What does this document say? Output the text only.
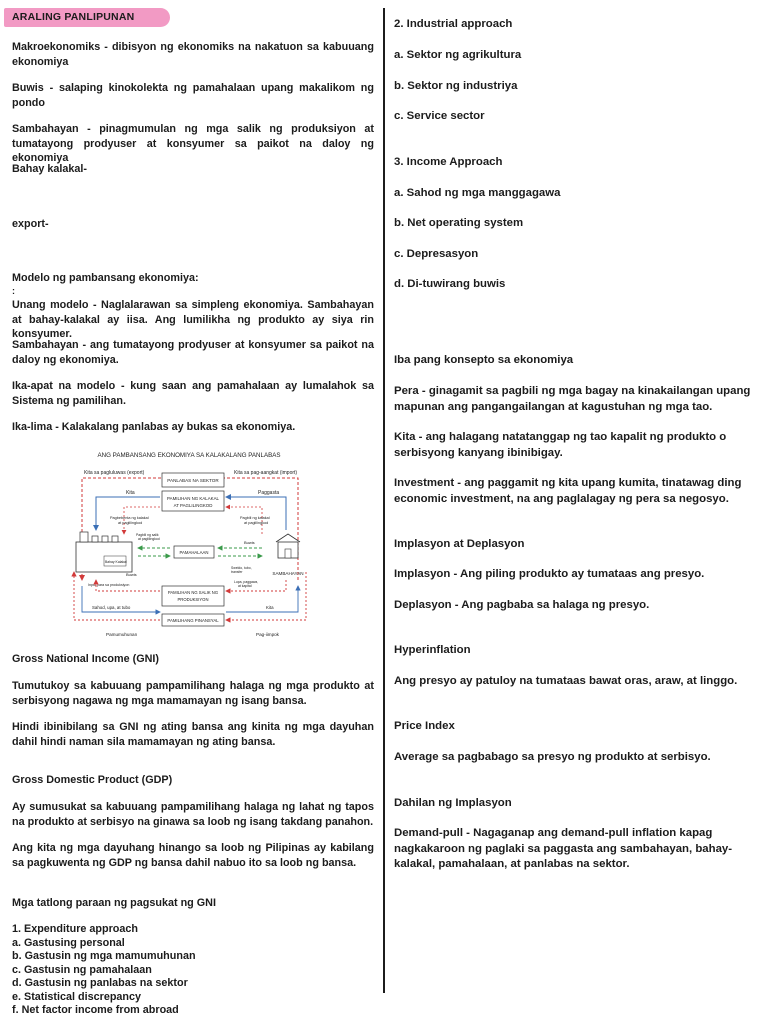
ARALING PANLIPUNAN

Makroekonomiks - dibisyon ng ekonomiks na nakatuon sa kabuuang ekonomiya

Buwis - salaping kinokolekta ng pamahalaan upang makalikom ng pondo

Sambahayan - pinagmumulan ng mga salik ng produksiyon at tumatayong prodyuser at konsyumer sa paikot na daloy ng ekonomiya

Bahay kalakal-

export-

Modelo ng pambansang ekonomiya:

:

Unang modelo - Naglalarawan sa simpleng ekonomiya. Sambahayan at bahay-kalakal ay iisa. Ang lumilikha ng produkto ay siya rin konsyumer.

Sambahayan - ang tumatayong prodyuser at konsyumer sa paikot na daloy ng ekonomiya.

Ika-apat na modelo - kung saan ang pamahalaan ay lumalahok sa Sistema ng pamilihan.

Ika-lima - Kalakalang panlabas ay bukas sa ekonomiya.

Gross National Income (GNI)

Tumutukoy sa kabuuang pampamilihang halaga ng mga produkto at serbisyong nagawa ng mga mamamayan ng isang bansa.

Hindi ibinibilang sa GNI ng ating bansa ang kinita ng mga dayuhan dahil hindi naman sila mamamayan ng ating bansa.

Gross Domestic Product (GDP)

Ay sumusukat sa kabuuang pampamilihang halaga ng lahat ng tapos na produkto at serbisyo na ginawa sa loob ng isang takdang panahon.

Ang kita ng mga dayuhang hinango sa loob ng Pilipinas ay kabilang sa pagkuwenta ng GDP ng bansa dahil nabuo ito sa loob ng bansa.

Mga tatlong paraan ng pagsukat ng GNI

1. Expenditure approach

a. Gastusing personal

b. Gastusin ng mga mamumuhunan

c. Gastusin ng pamahalaan

d. Gastusin ng panlabas na sektor

e. Statistical discrepancy

f. Net factor income from abroad

ANG PAMBANSANG EKONOMIYA SA KALAKALANG PANLABAS
Kita sa pagluluwas (export)	Kita sa pag-aangkat (import)
PANLABAS NA SEKTOR
Kita	Paggasta
PAMILIHAN NG KALAKAL
AT PAGLILINGKOD
Pagbebenta ng kalakal
at paglilingkod
Pagbili ng kalakal
at paglilingkod
Pagbili ng salik
at paglilingkod
Bahay Kalakal
PAMAHALAAN
Buwis
Buwis
Sweldo, tubo,
transfer	SAMBAHAYAN
Lupa, paggawa,
at kapital
Input para sa produksiyon
PAMILIHAN NG SALIK NG
PRODUKSIYON
Sahod, upa, at tubo	Kita
PAMILIHANG PINANSYAL
Pamumuhunan	Pag-iimpok

2. Industrial approach

a. Sektor ng agrikultura

b. Sektor ng industriya

c. Service sector

3. Income Approach

a. Sahod ng mga manggagawa

b. Net operating system

c. Depresasyon

d. Di-tuwirang buwis

Iba pang konsepto sa ekonomiya

Pera - ginagamit sa pagbili ng mga bagay na kinakailangan upang mapunan ang pangangailangan at kagustuhan ng mga tao.

Kita - ang halagang natatanggap ng tao kapalit ng produkto o serbisyong kanyang ibinibigay.

Investment - ang paggamit ng kita upang kumita, tinatawag ding economic investment, na ang paglalagay ng pera sa negosyo.

Implasyon at Deplasyon

Implasyon - Ang piling produkto ay tumataas ang presyo.

Deplasyon - Ang pagbaba sa halaga ng presyo.

Hyperinflation

Ang presyo ay patuloy na tumataas bawat oras, araw, at linggo.

Price Index

Average sa pagbabago sa presyo ng produkto at serbisyo.

Dahilan ng Implasyon

Demand-pull - Nagaganap ang demand-pull inflation kapag nagkakaroon ng paglaki sa paggasta ang sambahayan, bahay-kalakal, pamahalaan, at panlabas na sektor.
